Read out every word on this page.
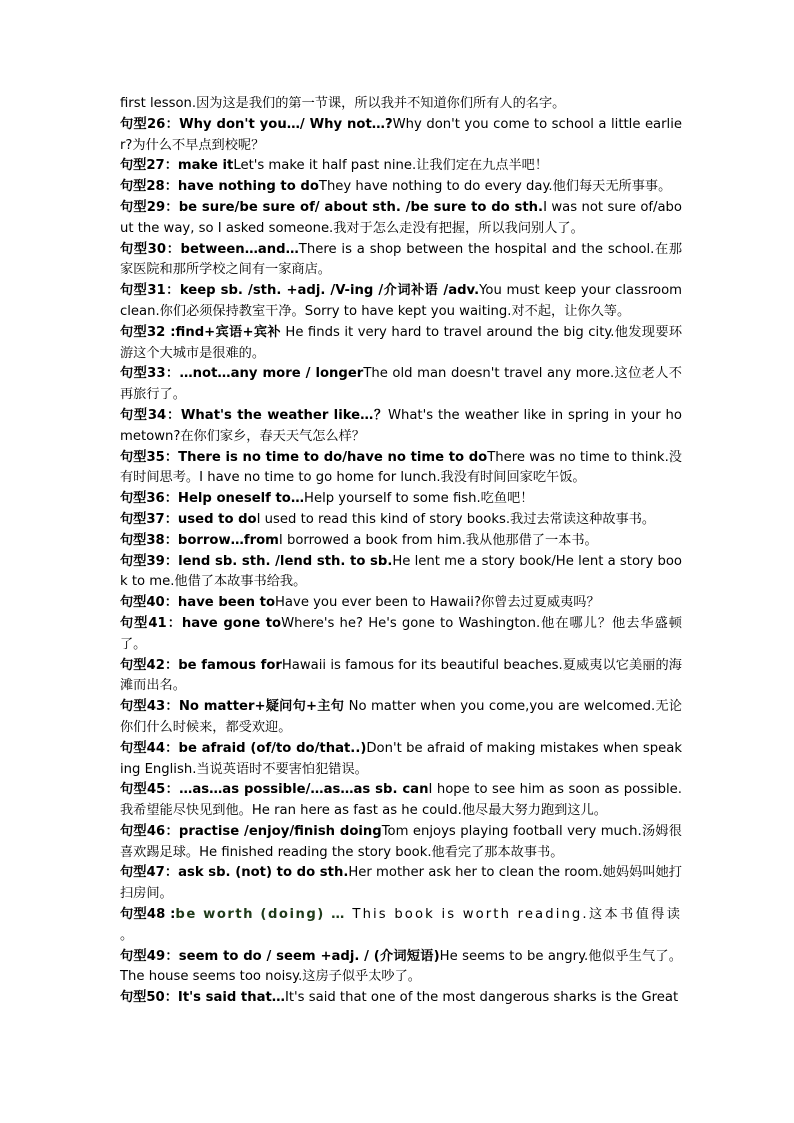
first lesson.因为这是我们的第一节课，所以我并不知道你们所有人的名字。

句型26：Why don't you…/ Why not…?Why don't you come to school a little earlier?为什么不早点到校呢？

句型27：make itLet's make it half past nine.让我们定在九点半吧！

句型28：have nothing to doThey have nothing to do every day.他们每天无所事事。

句型29：be sure/be sure of/ about sth. /be sure to do sth.I was not sure of/about the way, so I asked someone.我对于怎么走没有把握，所以我问别人了。

句型30：between…and…There is a shop between the hospital and the school.在那家医院和那所学校之间有一家商店。

句型31：keep sb. /sth. +adj. /V-ing /介词补语 /adv.You must keep your classroom clean.你们必须保持教室干净。Sorry to have kept you waiting.对不起，让你久等。

句型32 :find+宾语+宾补 He finds it very hard to travel around the big city.他发现要环游这个大城市是很难的。

句型33：…not…any more / longerThe old man doesn't travel any more.这位老人不再旅行了。

句型34：What's the weather like…？What's the weather like in spring in your hometown?在你们家乡，春天天气怎么样？

句型35：There is no time to do/have no time to doThere was no time to think.没有时间思考。I have no time to go home for lunch.我没有时间回家吃午饭。

句型36：Help oneself to…Help yourself to some fish.吃鱼吧！

句型37：used to doI used to read this kind of story books.我过去常读这种故事书。

句型38：borrow…fromI borrowed a book from him.我从他那借了一本书。

句型39：lend sb. sth. /lend sth. to sb.He lent me a story book/He lent a story book to me.他借了本故事书给我。

句型40：have been toHave you ever been to Hawaii?你曾去过夏威夷吗？

句型41：have gone toWhere's he? He's gone to Washington.他在哪儿？他去华盛顿了。

句型42：be famous forHawaii is famous for its beautiful beaches.夏威夷以它美丽的海滩而出名。

句型43：No matter+疑问句+主句 No matter when you come,you are welcomed.无论你们什么时候来，都受欢迎。

句型44：be afraid (of/to do/that..)Don't be afraid of making mistakes when speaking English.当说英语时不要害怕犯错误。

句型45：…as…as possible/…as…as sb. canI hope to see him as soon as possible.我希望能尽快见到他。He ran here as fast as he could.他尽最大努力跑到这儿。

句型46：practise /enjoy/finish doingTom enjoys playing football very much.汤姆很喜欢踢足球。He finished reading the story book.他看完了那本故事书。

句型47：ask sb. (not) to do sth.Her mother ask her to clean the room.她妈妈叫她打扫房间。

句型48 :be worth (doing) … This book is worth reading.这本书值得读 。

句型49：seem to do / seem +adj. / (介词短语)He seems to be angry.他似乎生气了。The house seems too noisy.这房子似乎太吵了。

句型50：It's said that…It's said that one of the most dangerous sharks is the Great
